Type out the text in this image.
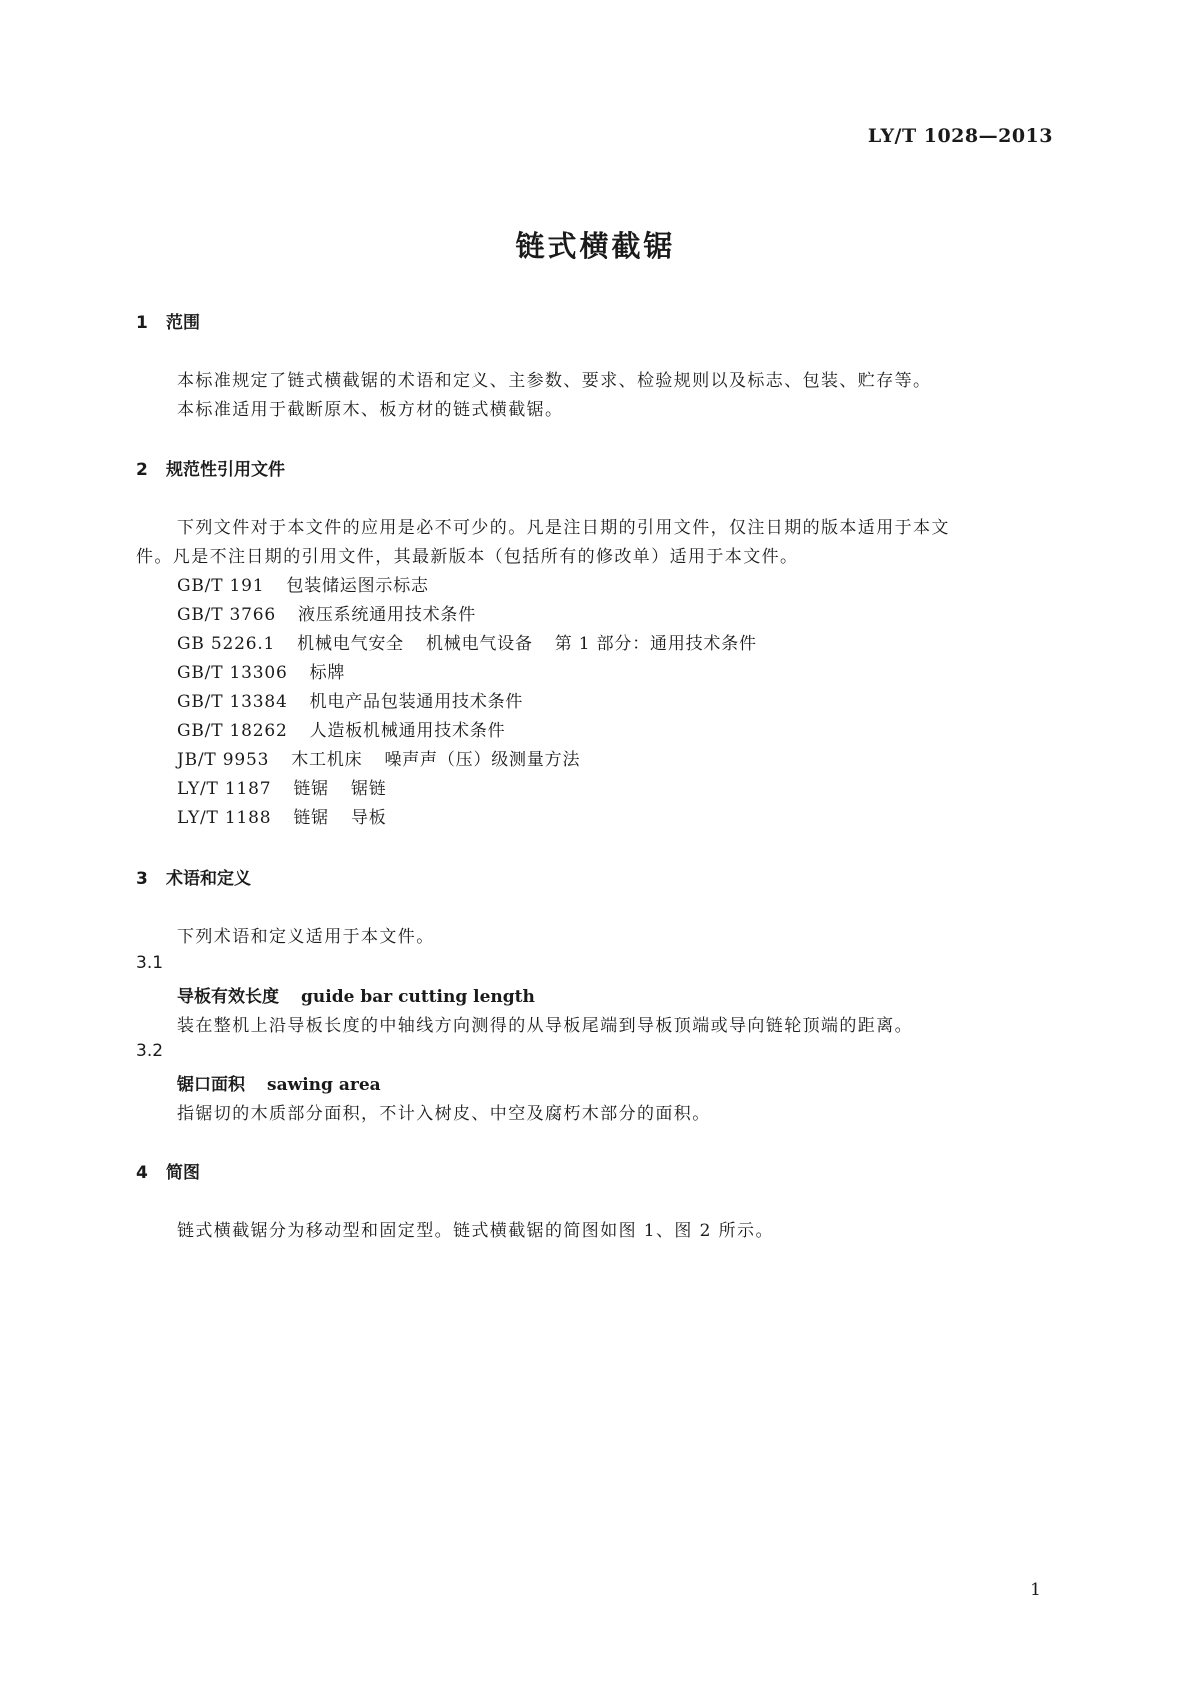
LY/T 1028—2013
链式横截锯
1 范围
本标准规定了链式横截锯的术语和定义、主参数、要求、检验规则以及标志、包装、贮存等。
本标准适用于截断原木、板方材的链式横截锯。
2 规范性引用文件
下列文件对于本文件的应用是必不可少的。凡是注日期的引用文件，仅注日期的版本适用于本文
件。凡是不注日期的引用文件，其最新版本（包括所有的修改单）适用于本文件。
GB/T 191 包装储运图示标志
GB/T 3766 液压系统通用技术条件
GB 5226.1 机械电气安全 机械电气设备 第 1 部分：通用技术条件
GB/T 13306 标牌
GB/T 13384 机电产品包装通用技术条件
GB/T 18262 人造板机械通用技术条件
JB/T 9953 木工机床 噪声声（压）级测量方法
LY/T 1187 链锯 锯链
LY/T 1188 链锯 导板
3 术语和定义
下列术语和定义适用于本文件。
3.1
导板有效长度 guide bar cutting length
装在整机上沿导板长度的中轴线方向测得的从导板尾端到导板顶端或导向链轮顶端的距离。
3.2
锯口面积 sawing area
指锯切的木质部分面积，不计入树皮、中空及腐朽木部分的面积。
4 简图
链式横截锯分为移动型和固定型。链式横截锯的简图如图 1、图 2 所示。
1
